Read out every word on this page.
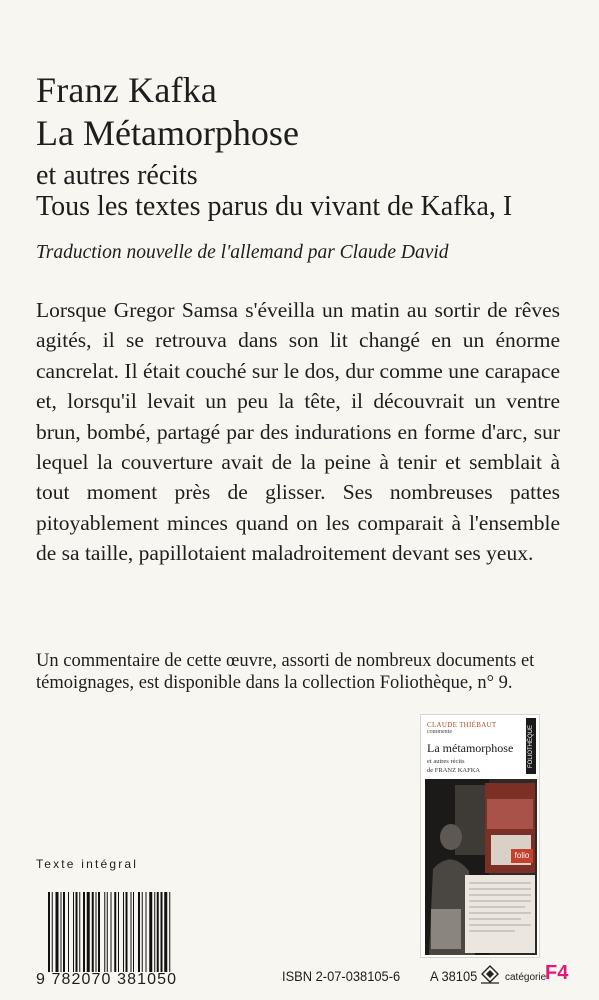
Franz Kafka
La Métamorphose
et autres récits
Tous les textes parus du vivant de Kafka, I
Traduction nouvelle de l'allemand par Claude David

Lorsque Gregor Samsa s'éveilla un matin au sortir de rêves agités, il se retrouva dans son lit changé en un énorme cancrelat. Il était couché sur le dos, dur comme une carapace et, lorsqu'il levait un peu la tête, il découvrait un ventre brun, bombé, partagé par des indurations en forme d'arc, sur lequel la couverture avait de la peine à tenir et semblait à tout moment près de glisser. Ses nombreuses pattes pitoyablement minces quand on les comparait à l'ensemble de sa taille, papillotaient maladroitement devant ses yeux.

Un commentaire de cette œuvre, assorti de nombreux documents et témoignages, est disponible dans la collection Foliothèque, n° 9.

CLAUDE THIÉBAUT
commente
La métamorphose
et autres récits
de FRANZ KAFKA
FOLIOTHÈQUE
folio
Texte intégral
9 782070 381050	ISBN 2-07-038105-6 A 38105	catégorie
F4
